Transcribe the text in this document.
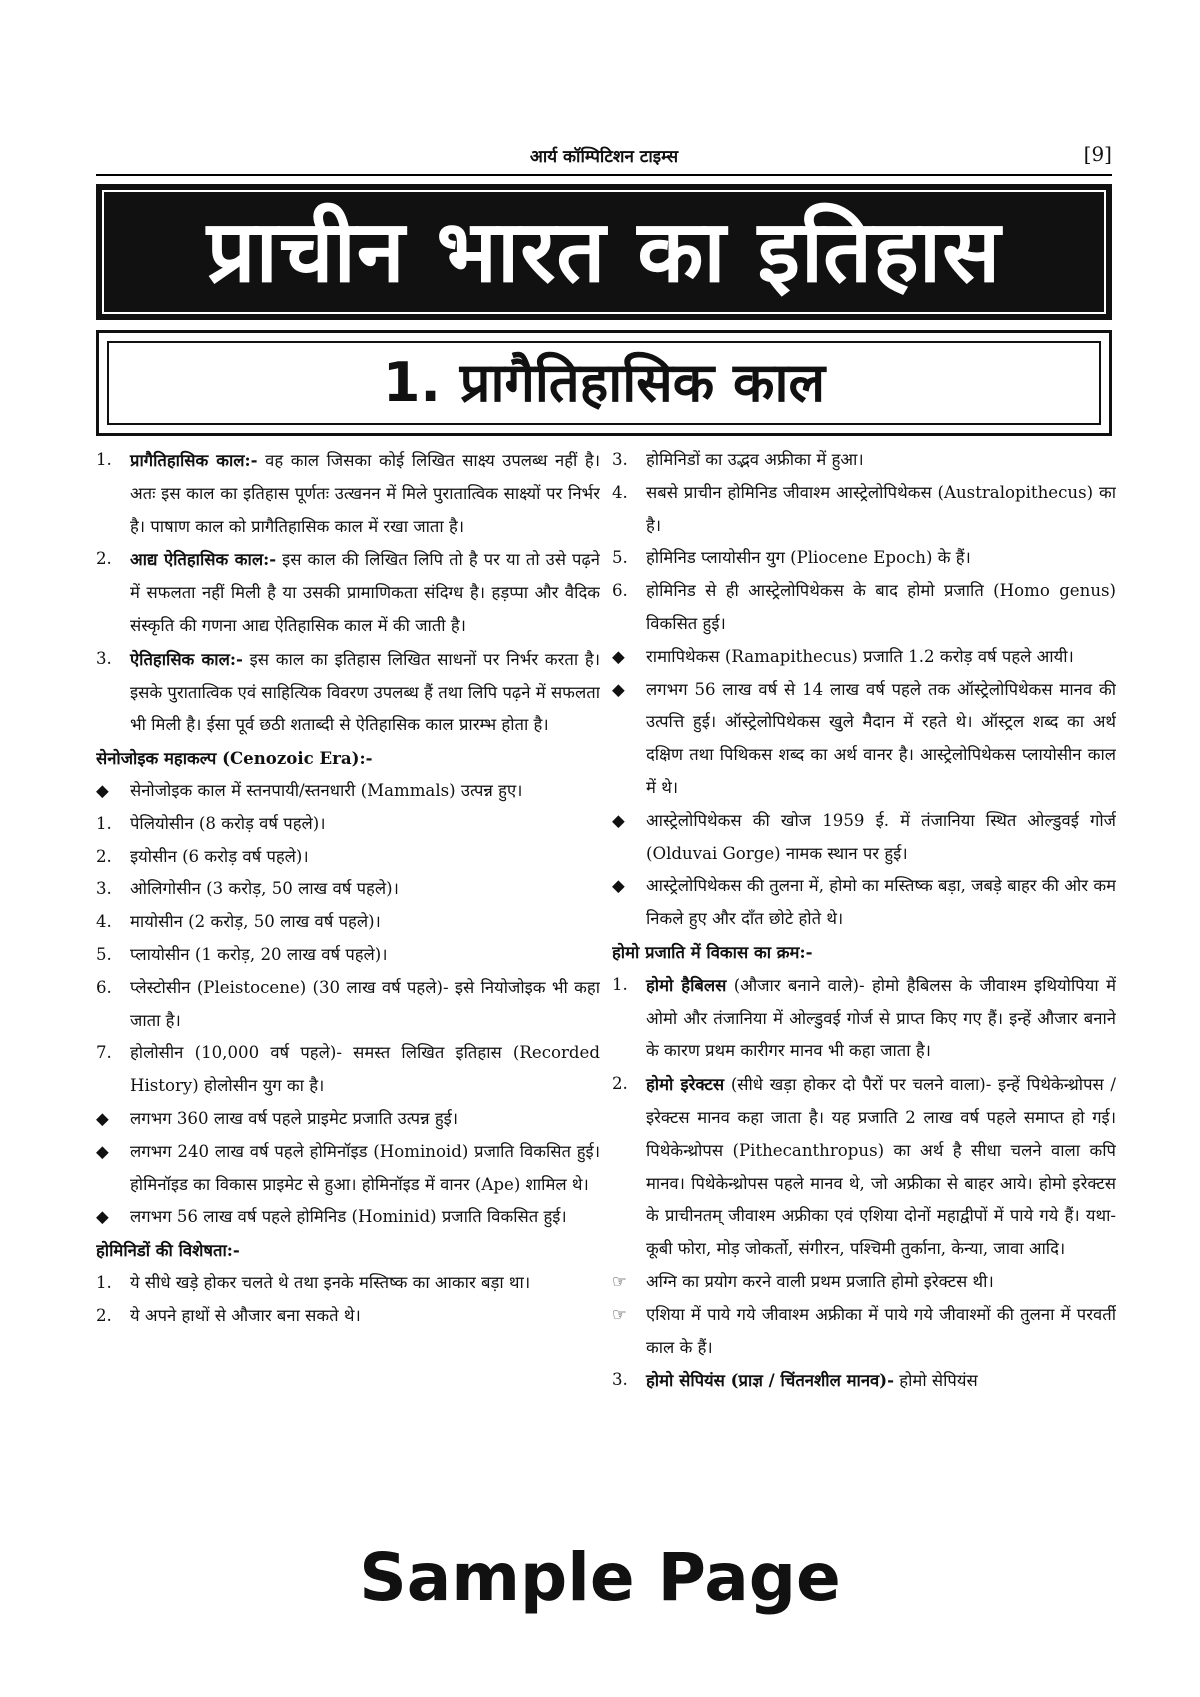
आर्य कॉम्पिटिशन टाइम्स	[9]
प्राचीन भारत का इतिहास
1. प्रागैतिहासिक काल
1.	प्रागैतिहासिक काल:- वह काल जिसका कोई लिखित साक्ष्य उपलब्ध नहीं है। अतः इस काल का इतिहास पूर्णतः उत्खनन में मिले पुरातात्विक साक्ष्यों पर निर्भर है। पाषाण काल को प्रागैतिहासिक काल में रखा जाता है।
2.	आद्य ऐतिहासिक काल:- इस काल की लिखित लिपि तो है पर या तो उसे पढ़ने में सफलता नहीं मिली है या उसकी प्रामाणिकता संदिग्ध है। हड़प्पा और वैदिक संस्कृति की गणना आद्य ऐतिहासिक काल में की जाती है।
3.	ऐतिहासिक काल:- इस काल का इतिहास लिखित साधनों पर निर्भर करता है। इसके पुरातात्विक एवं साहित्यिक विवरण उपलब्ध हैं तथा लिपि पढ़ने में सफलता भी मिली है। ईसा पूर्व छठी शताब्दी से ऐतिहासिक काल प्रारम्भ होता है।
सेनोजोइक महाकल्प (Cenozoic Era):-
◆	सेनोजोइक काल में स्तनपायी/स्तनधारी (Mammals) उत्पन्न हुए।
1.	पेलियोसीन (8 करोड़ वर्ष पहले)।
2.	इयोसीन (6 करोड़ वर्ष पहले)।
3.	ओलिगोसीन (3 करोड़, 50 लाख वर्ष पहले)।
4.	मायोसीन (2 करोड़, 50 लाख वर्ष पहले)।
5.	प्लायोसीन (1 करोड़, 20 लाख वर्ष पहले)।
6.	प्लेस्टोसीन (Pleistocene) (30 लाख वर्ष पहले)- इसे नियोजोइक भी कहा जाता है।
7.	होलोसीन (10,000 वर्ष पहले)- समस्त लिखित इतिहास (Recorded History) होलोसीन युग का है।
◆	लगभग 360 लाख वर्ष पहले प्राइमेट प्रजाति उत्पन्न हुई।
◆	लगभग 240 लाख वर्ष पहले होमिनॉइड (Hominoid) प्रजाति विकसित हुई। होमिनॉइड का विकास प्राइमेट से हुआ। होमिनॉइड में वानर (Ape) शामिल थे।
◆	लगभग 56 लाख वर्ष पहले होमिनिड (Hominid) प्रजाति विकसित हुई।
होमिनिडों की विशेषता:-
1.	ये सीधे खड़े होकर चलते थे तथा इनके मस्तिष्क का आकार बड़ा था।
2.	ये अपने हाथों से औजार बना सकते थे।
3.	होमिनिडों का उद्भव अफ्रीका में हुआ।
4.	सबसे प्राचीन होमिनिड जीवाश्म आस्ट्रेलोपिथेकस (Australopithecus) का है।
5.	होमिनिड प्लायोसीन युग (Pliocene Epoch) के हैं।
6.	होमिनिड से ही आस्ट्रेलोपिथेकस के बाद होमो प्रजाति (Homo genus) विकसित हुई।
◆	रामापिथेकस (Ramapithecus) प्रजाति 1.2 करोड़ वर्ष पहले आयी।
◆	लगभग 56 लाख वर्ष से 14 लाख वर्ष पहले तक ऑस्ट्रेलोपिथेकस मानव की उत्पत्ति हुई। ऑस्ट्रेलोपिथेकस खुले मैदान में रहते थे। ऑस्ट्रल शब्द का अर्थ दक्षिण तथा पिथिकस शब्द का अर्थ वानर है। आस्ट्रेलोपिथेकस प्लायोसीन काल में थे।
◆	आस्ट्रेलोपिथेकस की खोज 1959 ई. में तंजानिया स्थित ओल्डुवई गोर्ज (Olduvai Gorge) नामक स्थान पर हुई।
◆	आस्ट्रेलोपिथेकस की तुलना में, होमो का मस्तिष्क बड़ा, जबड़े बाहर की ओर कम निकले हुए और दाँत छोटे होते थे।
होमो प्रजाति में विकास का क्रम:-
1.	होमो हैबिलस (औजार बनाने वाले)- होमो हैबिलस के जीवाश्म इथियोपिया में ओमो और तंजानिया में ओल्डुवई गोर्ज से प्राप्त किए गए हैं। इन्हें औजार बनाने के कारण प्रथम कारीगर मानव भी कहा जाता है।
2.	होमो इरेक्टस (सीधे खड़ा होकर दो पैरों पर चलने वाला)- इन्हें पिथेकेन्थ्रोपस / इरेक्टस मानव कहा जाता है। यह प्रजाति 2 लाख वर्ष पहले समाप्त हो गई। पिथेकेन्थ्रोपस (Pithecanthropus) का अर्थ है सीधा चलने वाला कपि मानव। पिथेकेन्थ्रोपस पहले मानव थे, जो अफ्रीका से बाहर आये। होमो इरेक्टस के प्राचीनतम् जीवाश्म अफ्रीका एवं एशिया दोनों महाद्वीपों में पाये गये हैं। यथा- कूबी फोरा, मोड़ जोकर्तो, संगीरन, पश्चिमी तुर्काना, केन्या, जावा आदि।
☞	अग्नि का प्रयोग करने वाली प्रथम प्रजाति होमो इरेक्टस थी।
☞	एशिया में पाये गये जीवाश्म अफ्रीका में पाये गये जीवाश्मों की तुलना में परवर्ती काल के हैं।
3.	होमो सेपियंस (प्राज्ञ / चिंतनशील मानव)- होमो सेपियंस
Sample Page
